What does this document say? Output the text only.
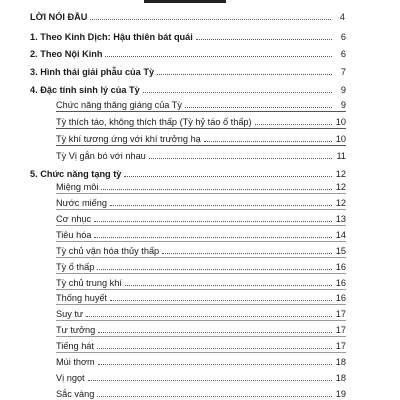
LỜI NÓI ĐẦU	4
1. Theo Kinh Dịch: Hậu thiên bát quái	6
2. Theo Nội Kinh	6
3. Hình thái giải phẫu của Tỳ	7
4. Đặc tính sinh lý của Tỳ	9
Chức năng thăng giáng của Tỳ	9
Tỳ thích táo, không thích thấp (Tỳ hỷ táo ố thấp)	10
Tỳ khí tương ứng với khí trưởng hạ	10
Tỳ Vị gắn bó với nhau	11
5. Chức năng tạng tỳ	12
Miệng môi	12
Nước miếng	12
Cơ nhục	13
Tiêu hóa	14
Tỳ chủ vận hóa thủy thấp	15
Tỳ ố thấp	16
Tỳ chủ trung khí	16
Thống huyết	16
Suy tư	17
Tư tưởng	17
Tiếng hát	17
Mùi thơm	18
Vị ngọt	18
Sắc vàng	19
